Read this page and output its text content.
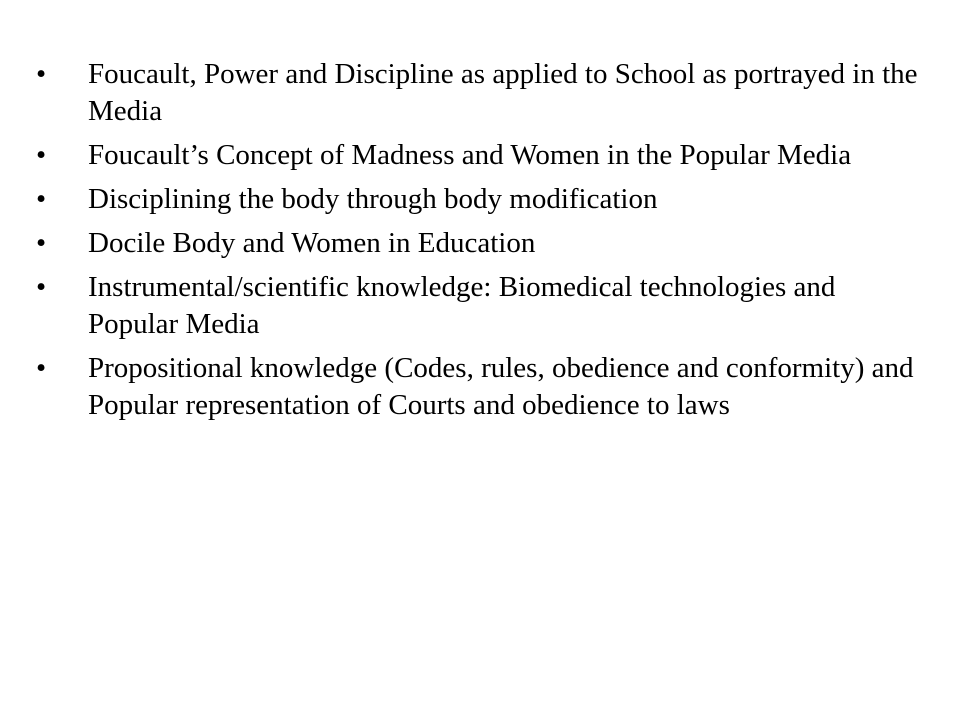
•	Foucault, Power and Discipline as applied to School as portrayed in the Media
•	Foucault’s Concept of Madness and Women in the Popular Media
•	Disciplining the body through body modification
•	Docile Body and Women in Education
•	Instrumental/scientific knowledge: Biomedical technologies and Popular Media
•	Propositional knowledge (Codes, rules, obedience and conformity) and Popular representation of Courts and obedience to laws
